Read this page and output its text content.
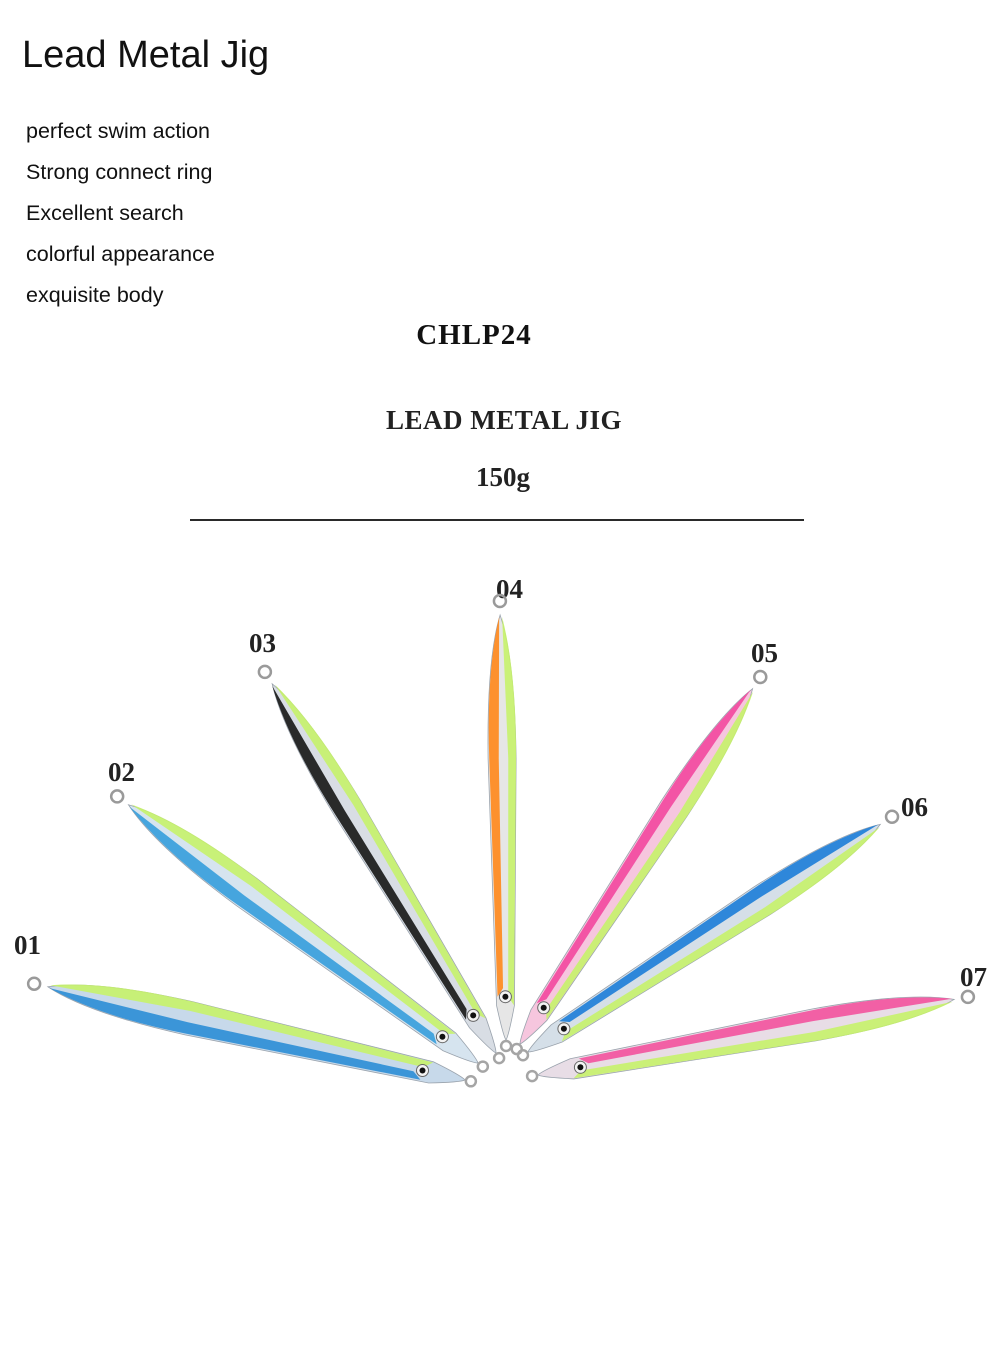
Lead Metal Jig
perfect swim action
Strong connect ring
Excellent search
colorful appearance
exquisite body
CHLP24
LEAD METAL JIG
150g
01
02
03
04
05
06
07
